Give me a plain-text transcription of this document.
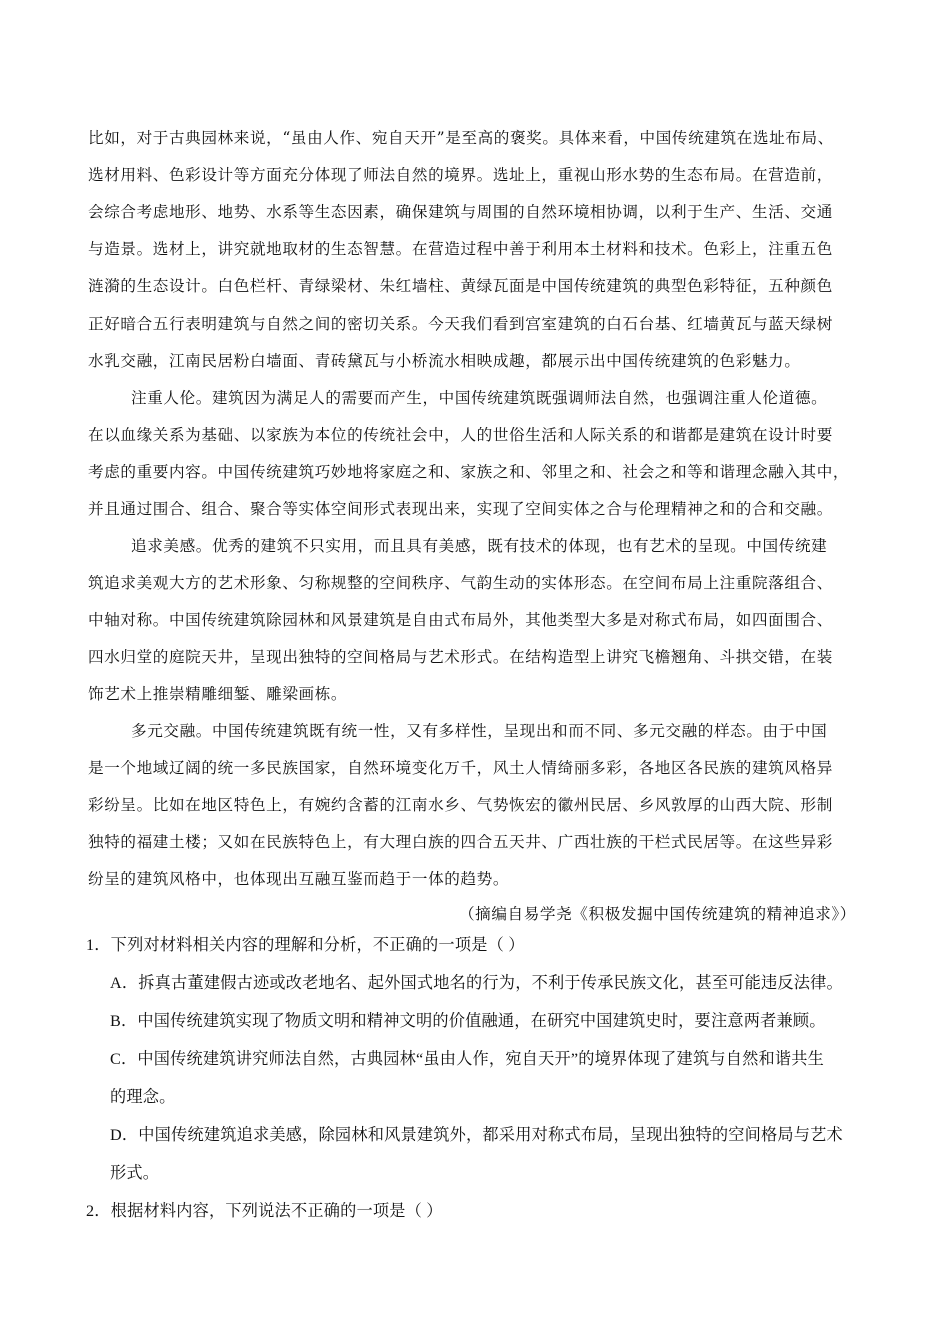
比如，对于古典园林来说，“虽由人作、宛自天开”是至高的褒奖。具体来看，中国传统建筑在选址布局、
选材用料、色彩设计等方面充分体现了师法自然的境界。选址上，重视山形水势的生态布局。在营造前，
会综合考虑地形、地势、水系等生态因素，确保建筑与周围的自然环境相协调，以利于生产、生活、交通
与造景。选材上，讲究就地取材的生态智慧。在营造过程中善于利用本土材料和技术。色彩上，注重五色
涟漪的生态设计。白色栏杆、青绿梁材、朱红墙柱、黄绿瓦面是中国传统建筑的典型色彩特征，五种颜色
正好暗合五行表明建筑与自然之间的密切关系。今天我们看到宫室建筑的白石台基、红墙黄瓦与蓝天绿树
水乳交融，江南民居粉白墙面、青砖黛瓦与小桥流水相映成趣，都展示出中国传统建筑的色彩魅力。
注重人伦。建筑因为满足人的需要而产生，中国传统建筑既强调师法自然，也强调注重人伦道德。
在以血缘关系为基础、以家族为本位的传统社会中，人的世俗生活和人际关系的和谐都是建筑在设计时要
考虑的重要内容。中国传统建筑巧妙地将家庭之和、家族之和、邻里之和、社会之和等和谐理念融入其中，
并且通过围合、组合、聚合等实体空间形式表现出来，实现了空间实体之合与伦理精神之和的合和交融。
追求美感。优秀的建筑不只实用，而且具有美感，既有技术的体现，也有艺术的呈现。中国传统建
筑追求美观大方的艺术形象、匀称规整的空间秩序、气韵生动的实体形态。在空间布局上注重院落组合、
中轴对称。中国传统建筑除园林和风景建筑是自由式布局外，其他类型大多是对称式布局，如四面围合、
四水归堂的庭院天井，呈现出独特的空间格局与艺术形式。在结构造型上讲究飞檐翘角、斗拱交错，在装
饰艺术上推崇精雕细錾、雕梁画栋。
多元交融。中国传统建筑既有统一性，又有多样性，呈现出和而不同、多元交融的样态。由于中国
是一个地域辽阔的统一多民族国家，自然环境变化万千，风土人情绮丽多彩，各地区各民族的建筑风格异
彩纷呈。比如在地区特色上，有婉约含蓄的江南水乡、气势恢宏的徽州民居、乡风敦厚的山西大院、形制
独特的福建土楼；又如在民族特色上，有大理白族的四合五天井、广西壮族的干栏式民居等。在这些异彩
纷呈的建筑风格中，也体现出互融互鉴而趋于一体的趋势。
（摘编自易学尧《积极发掘中国传统建筑的精神追求》）
1．下列对材料相关内容的理解和分析，不正确的一项是（ ）
A．拆真古董建假古迹或改老地名、起外国式地名的行为，不利于传承民族文化，甚至可能违反法律。
B．中国传统建筑实现了物质文明和精神文明的价值融通，在研究中国建筑史时，要注意两者兼顾。
C．中国传统建筑讲究师法自然，古典园林“虽由人作，宛自天开”的境界体现了建筑与自然和谐共生
的理念。
D．中国传统建筑追求美感，除园林和风景建筑外，都采用对称式布局，呈现出独特的空间格局与艺术
形式。
2．根据材料内容，下列说法不正确的一项是（ ）
